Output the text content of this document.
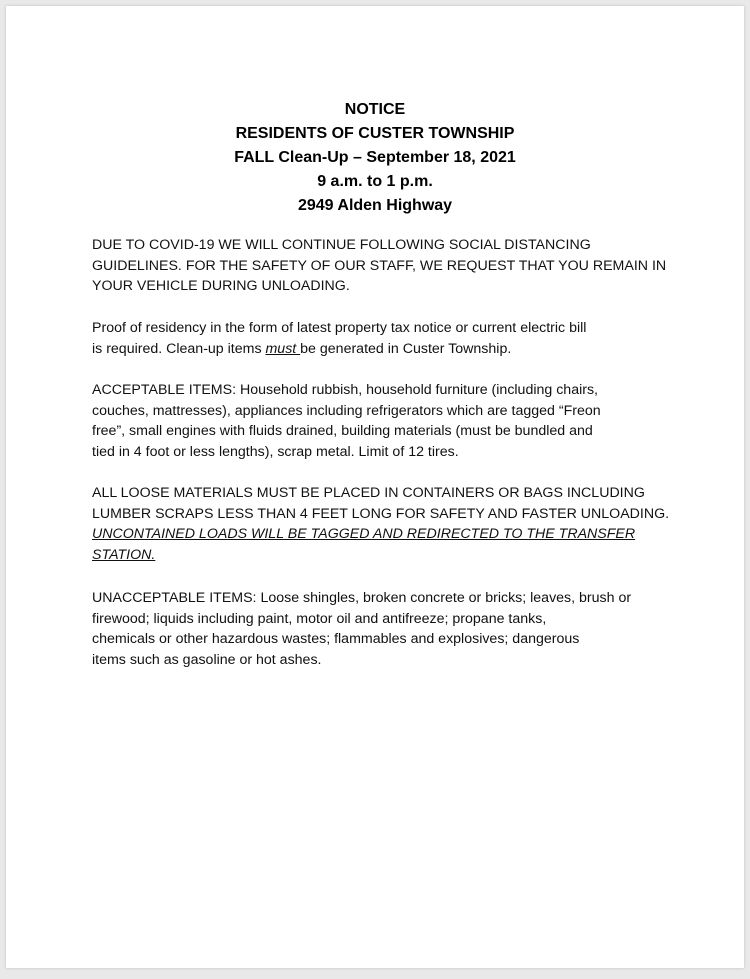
NOTICE
RESIDENTS OF CUSTER TOWNSHIP
FALL Clean-Up – September 18, 2021
9 a.m. to 1 p.m.
2949 Alden Highway
DUE TO COVID-19 WE WILL CONTINUE FOLLOWING SOCIAL DISTANCING
GUIDELINES. FOR THE SAFETY OF OUR STAFF, WE REQUEST THAT YOU REMAIN IN
YOUR VEHICLE DURING UNLOADING.
Proof of residency in the form of latest property tax notice or current electric bill
is required. Clean-up items must be generated in Custer Township.
ACCEPTABLE ITEMS: Household rubbish, household furniture (including chairs,
couches, mattresses), appliances including refrigerators which are tagged “Freon
free”, small engines with fluids drained, building materials (must be bundled and
tied in 4 foot or less lengths), scrap metal. Limit of 12 tires.
ALL LOOSE MATERIALS MUST BE PLACED IN CONTAINERS OR BAGS INCLUDING
LUMBER SCRAPS LESS THAN 4 FEET LONG FOR SAFETY AND FASTER UNLOADING.
UNCONTAINED LOADS WILL BE TAGGED AND REDIRECTED TO THE TRANSFER
STATION.
UNACCEPTABLE ITEMS: Loose shingles, broken concrete or bricks; leaves, brush or
firewood; liquids including paint, motor oil and antifreeze; propane tanks,
chemicals or other hazardous wastes; flammables and explosives; dangerous
items such as gasoline or hot ashes.
